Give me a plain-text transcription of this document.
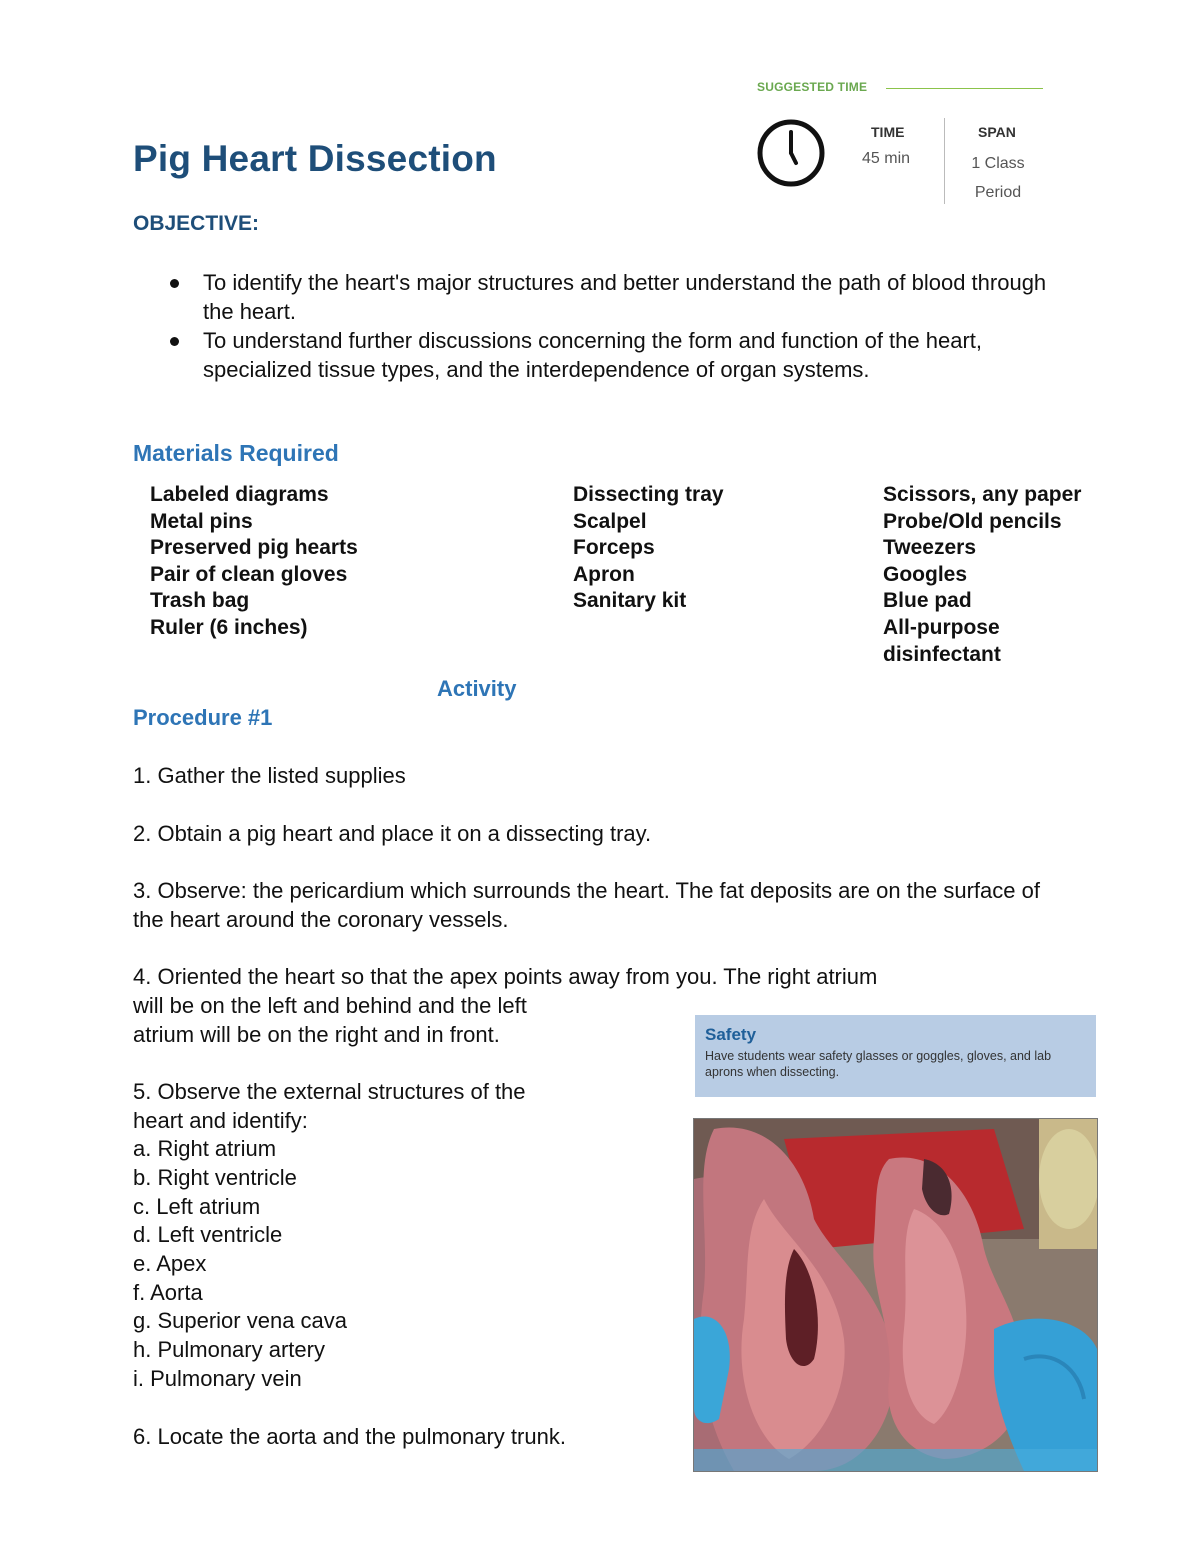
SUGGESTED TIME
TIME
45 min
SPAN
1 Class Period
Pig Heart Dissection
OBJECTIVE:
To identify the heart's major structures and better understand the path of blood through the heart.
To understand further discussions concerning the form and function of the heart, specialized tissue types, and the interdependence of organ systems.
Materials Required
Labeled diagrams
Metal pins
Preserved pig hearts
Pair of clean gloves
Trash bag
Ruler (6 inches)
Dissecting tray
Scalpel
Forceps
Apron
Sanitary kit
Scissors, any paper
Probe/Old pencils
Tweezers
Googles
Blue pad
All-purpose
disinfectant
Activity
Procedure #1
1. Gather the listed supplies
2. Obtain a pig heart and place it on a dissecting tray.
3. Observe: the pericardium which surrounds the heart. The fat deposits are on the surface of the heart around the coronary vessels.
4. Oriented the heart so that the apex points away from you. The right atrium
will be on the left and behind and the left
atrium will be on the right and in front.
5. Observe the external structures of the
heart and identify:
a. Right atrium
b. Right ventricle
c. Left atrium
d. Left ventricle
e. Apex
f. Aorta
g. Superior vena cava
h. Pulmonary artery
i. Pulmonary vein
6. Locate the aorta and the pulmonary trunk.
Safety
Have students wear safety glasses or goggles, gloves, and lab aprons when dissecting.
